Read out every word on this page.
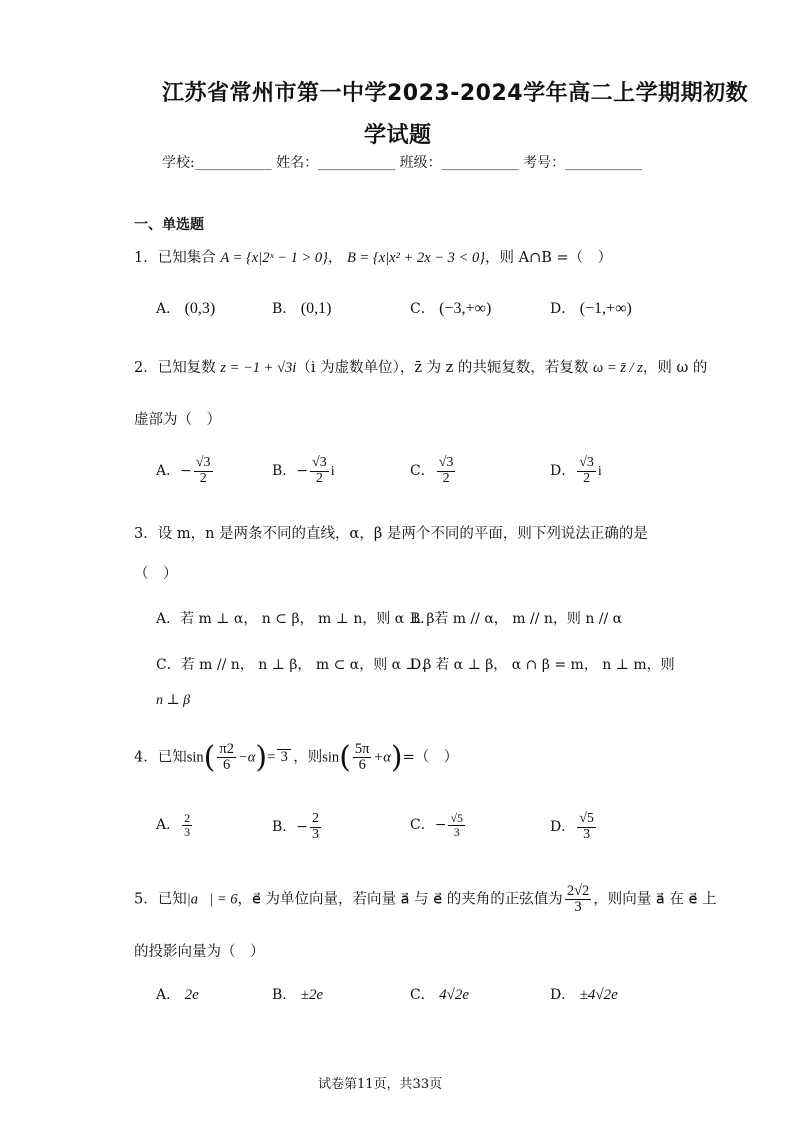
江苏省常州市第一中学2023-2024学年高二上学期期初数
学试题
学校:___________ 姓名：___________ 班级：___________ 考号：___________
一、单选题
1．已知集合 A = {x|2ˣ − 1 > 0}， B = {x|x² + 2x − 3 < 0}，则 A∩B =（　）
A． (0,3)	B． (0,1)	C． (−3,+∞)	D． (−1,+∞)
2．已知复数 z = −1 + √3i（i 为虚数单位），z̄ 为 z 的共轭复数，若复数 ω = z̄ / z，则 ω 的
虚部为（　）
A．− $\frac{√3}{2}$	B．− $\frac{√3}{2}$ i	C． $\frac{√3}{2}$	D． $\frac{√3}{2}$ i
3．设 m，n 是两条不同的直线，α，β 是两个不同的平面，则下列说法正确的是
（　）
A．若 m ⊥ α， n ⊂ β， m ⊥ n，则 α ⊥ β
B．若 m // α， m // n，则 n // α
C．若 m // n， n ⊥ β， m ⊂ α，则 α ⊥ β
D．若 α ⊥ β， α ∩ β = m， n ⊥ m，则
n ⊥ β
4．已知$\sin( \frac{\pi 2}{6} -\alpha)= 3$ ，则$\sin( \frac{5\pi}{6} +\alpha)=$（　）
A． $\frac{2}{3}$	B．− $\frac{2}{3}$	C．− $\frac{√5}{3}$	D． $\frac{√5}{3}$
5．已知|a⃗| = 6，e⃗ 为单位向量，若向量 a⃗ 与 e⃗ 的夹角的正弦值为 $\frac{2√2}{3}$ ，则向量 a⃗ 在 e⃗ 上
的投影向量为（　）
A． 2e⃗	B． ±2e⃗	C． 4√2e⃗	D． ±4√2e⃗
试卷第11页，共33页
